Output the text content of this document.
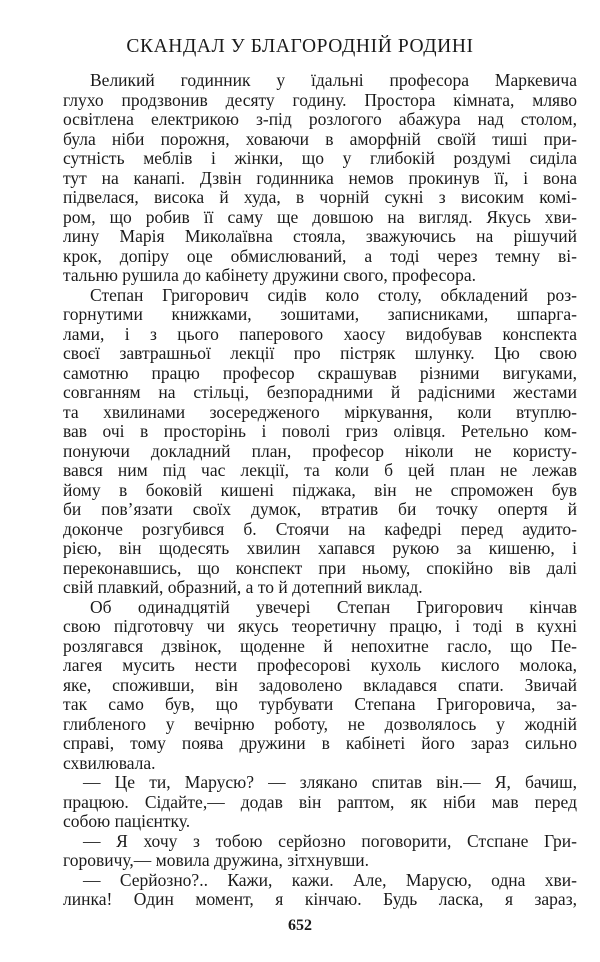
СКАНДАЛ У БЛАГОРОДНІЙ РОДИНІ
Великий годинник у їдальні професора Маркевича
глухо продзвонив десяту годину. Простора кімната, мляво
освітлена електрикою з-під розлогого абажура над столом,
була ніби порожня, ховаючи в аморфній своїй тиші при-
сутність меблів і жінки, що у глибокій роздумі сиділа
тут на канапі. Дзвін годинника немов прокинув її, і вона
підвелася, висока й худа, в чорній сукні з високим комі-
ром, що робив її саму ще довшою на вигляд. Якусь хви-
лину Марія Миколаївна стояла, зважуючись на рішучий
крок, допіру оце обмислюваний, а тоді через темну ві-
тальню рушила до кабінету дружини свого, професора.
Степан Григорович сидів коло столу, обкладений роз-
горнутими книжками, зошитами, записниками, шпарга-
лами, і з цього паперового хаосу видобував конспекта
своєї завтрашньої лекції про пістряк шлунку. Цю свою
самотню працю професор скрашував різними вигуками,
совганням на стільці, безпорадними й радісними жестами
та хвилинами зосередженого міркування, коли втуплю-
вав очі в просторінь і поволі гриз олівця. Ретельно ком-
понуючи докладний план, професор ніколи не користу-
вався ним під час лекції, та коли б цей план не лежав
йому в боковій кишені піджака, він не спроможен був
би пов’язати своїх думок, втратив би точку опертя й
доконче розгубився б. Стоячи на кафедрі перед аудито-
рією, він щодесять хвилин хапався рукою за кишеню, і
переконавшись, що конспект при ньому, спокійно вів далі
свій плавкий, образний, а то й дотепний виклад.
Об одинадцятій увечері Степан Григорович кінчав
свою підготовчу чи якусь теоретичну працю, і тоді в кухні
розлягався дзвінок, щоденне й непохитне гасло, що Пе-
лагея мусить нести професорові кухоль кислого молока,
яке, споживши, він задоволено вкладався спати. Звичай
так само був, що турбувати Степана Григоровича, за-
глибленого у вечірню роботу, не дозволялось у жодній
справі, тому поява дружини в кабінеті його зараз сильно
схвилювала.
— Це ти, Марусю? — злякано спитав він.— Я, бачиш,
працюю. Сідайте,— додав він раптом, як ніби мав перед
собою пацієнтку.
— Я хочу з тобою серйозно поговорити, Стспане Гри-
горовичу,— мовила дружина, зітхнувши.
— Серйозно?.. Кажи, кажи. Але, Марусю, одна хви-
линка! Один момент, я кінчаю. Будь ласка, я зараз,
652
